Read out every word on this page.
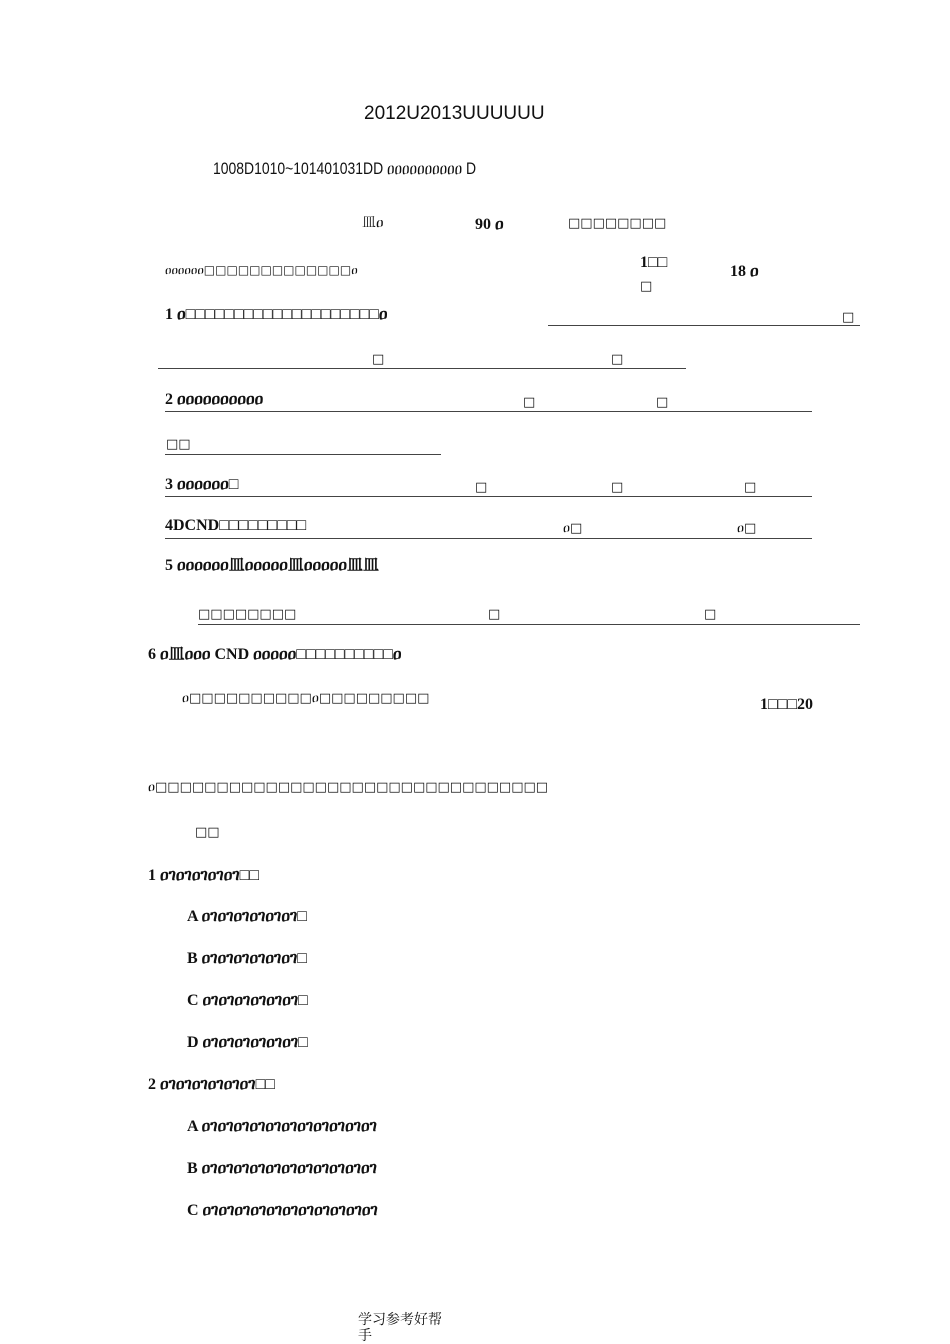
2012U2013UUUUUU
1008D1010~101401031DD ዐዐዐዐዐዐዐዐዐዐ D
皿ዐ	90 ዐ	□□□□□□□□
ዐዐዐዐዐዐ□□□□□□□□□□□□□ዐ	1□□
□
18 ዐ
1 ዐ□□□□□□□□□□□□□□□□□□□□ዐ	□
□	□
2 ዐዐዐዐዐዐዐዐዐዐ	□	□
□□
3 ዐዐዐዐዐዐ□	□	□	□
4DCND□□□□□□□□□	ዐ□	ዐ□
5 ዐዐዐዐዐዐ皿ዐዐዐዐዐ皿ዐዐዐዐዐ皿皿
□□□□□□□□	□	□
6 ዐ皿ዐዐዐ CND ዐዐዐዐዐ□□□□□□□□□□ዐ
ዐ□□□□□□□□□□ዐ□□□□□□□□□	1□□□20
ዐ□□□□□□□□□□□□□□□□□□□□□□□□□□□□□□□□
□□
1 ዐገዐገዐገዐገዐገ□□
A ዐገዐገዐገዐገዐገዐገ□
B ዐገዐገዐገዐገዐገዐገ□
C ዐገዐገዐገዐገዐገዐገ□
D ዐገዐገዐገዐገዐገዐገ□
2 ዐገዐገዐገዐገዐገዐገ□□
A ዐገዐገዐገዐገዐገዐገዐገዐገዐገዐገዐገ
B ዐገዐገዐገዐገዐገዐገዐገዐገዐገዐገዐገ
C ዐገዐገዐገዐገዐገዐገዐገዐገዐገዐገዐገ
学习参考好帮
手
